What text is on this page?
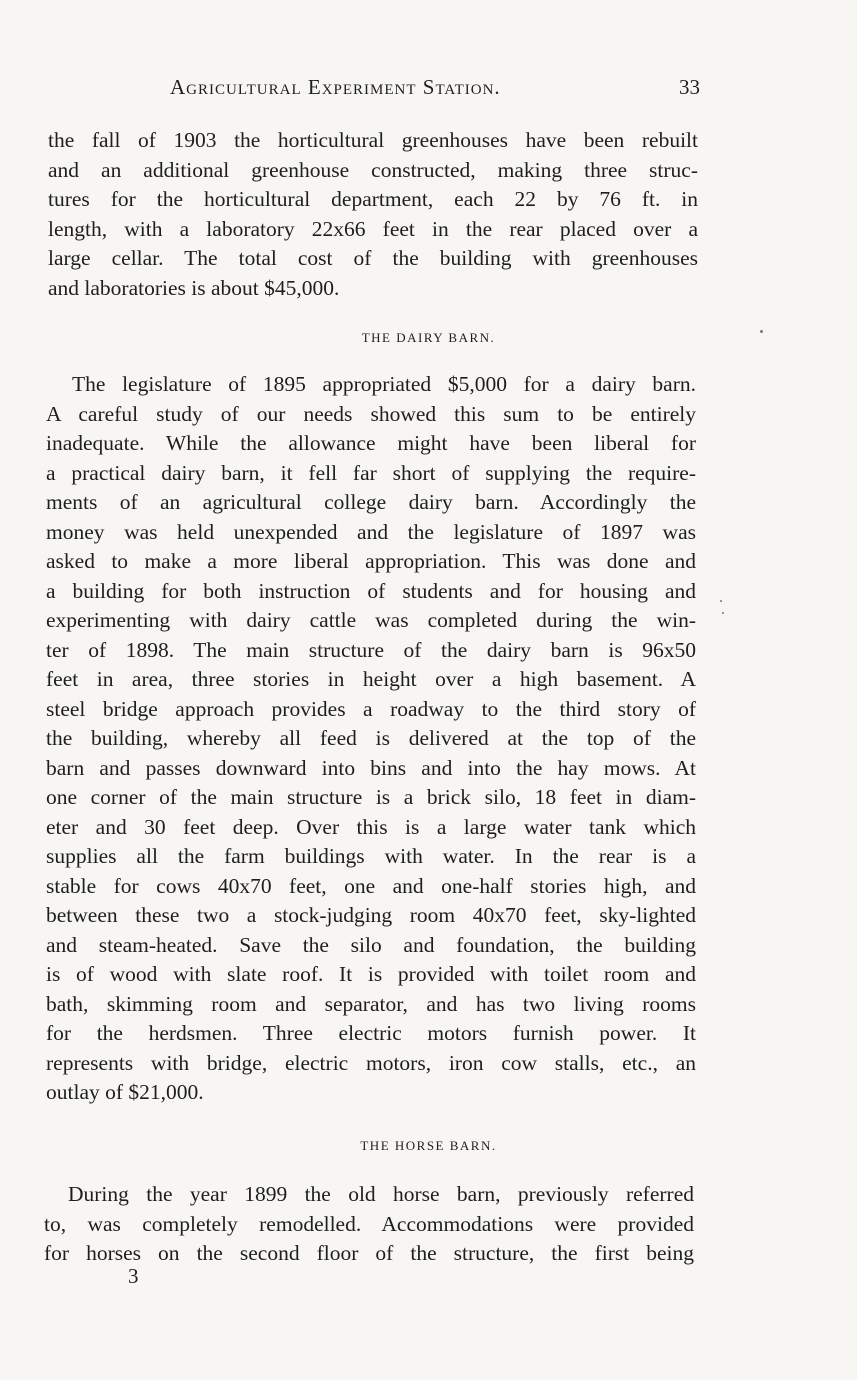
Agricultural Experiment Station.	33
the fall of 1903 the horticultural greenhouses have been rebuilt
and an additional greenhouse constructed, making three struc-
tures for the horticultural department, each 22 by 76 ft. in
length, with a laboratory 22x66 feet in the rear placed over a
large cellar. The total cost of the building with greenhouses
and laboratories is about $45,000.
THE DAIRY BARN.
The legislature of 1895 appropriated $5,000 for a dairy barn.
A careful study of our needs showed this sum to be entirely
inadequate. While the allowance might have been liberal for
a practical dairy barn, it fell far short of supplying the require-
ments of an agricultural college dairy barn. Accordingly the
money was held unexpended and the legislature of 1897 was
asked to make a more liberal appropriation. This was done and
a building for both instruction of students and for housing and
experimenting with dairy cattle was completed during the win-
ter of 1898. The main structure of the dairy barn is 96x50
feet in area, three stories in height over a high basement. A
steel bridge approach provides a roadway to the third story of
the building, whereby all feed is delivered at the top of the
barn and passes downward into bins and into the hay mows. At
one corner of the main structure is a brick silo, 18 feet in diam-
eter and 30 feet deep. Over this is a large water tank which
supplies all the farm buildings with water. In the rear is a
stable for cows 40x70 feet, one and one-half stories high, and
between these two a stock-judging room 40x70 feet, sky-lighted
and steam-heated. Save the silo and foundation, the building
is of wood with slate roof. It is provided with toilet room and
bath, skimming room and separator, and has two living rooms
for the herdsmen. Three electric motors furnish power. It
represents with bridge, electric motors, iron cow stalls, etc., an
outlay of $21,000.
THE HORSE BARN.
During the year 1899 the old horse barn, previously referred
to, was completely remodelled. Accommodations were provided
for horses on the second floor of the structure, the first being
3
